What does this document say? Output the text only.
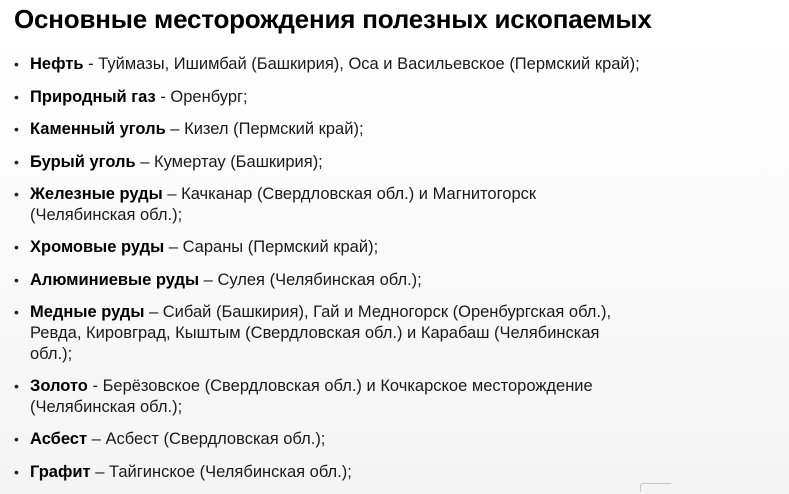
Основные месторождения полезных ископаемых
• Нефть - Туймазы, Ишимбай (Башкирия), Оса и Васильевское (Пермский край);
• Природный газ - Оренбург;
• Каменный уголь – Кизел (Пермский край);
• Бурый уголь – Кумертау (Башкирия);
• Железные руды – Качканар (Свердловская обл.) и Магнитогорск
(Челябинская обл.);
• Хромовые руды – Сараны (Пермский край);
• Алюминиевые руды – Сулея (Челябинская обл.);
• Медные руды – Сибай (Башкирия), Гай и Медногорск (Оренбургская обл.),
Ревда, Кировград, Кыштым (Свердловская обл.) и Карабаш (Челябинская
обл.);
• Золото - Берёзовское (Свердловская обл.) и Кочкарское месторождение
(Челябинская обл.);
• Асбест – Асбест (Свердловская обл.);
• Графит – Тайгинское (Челябинская обл.);
